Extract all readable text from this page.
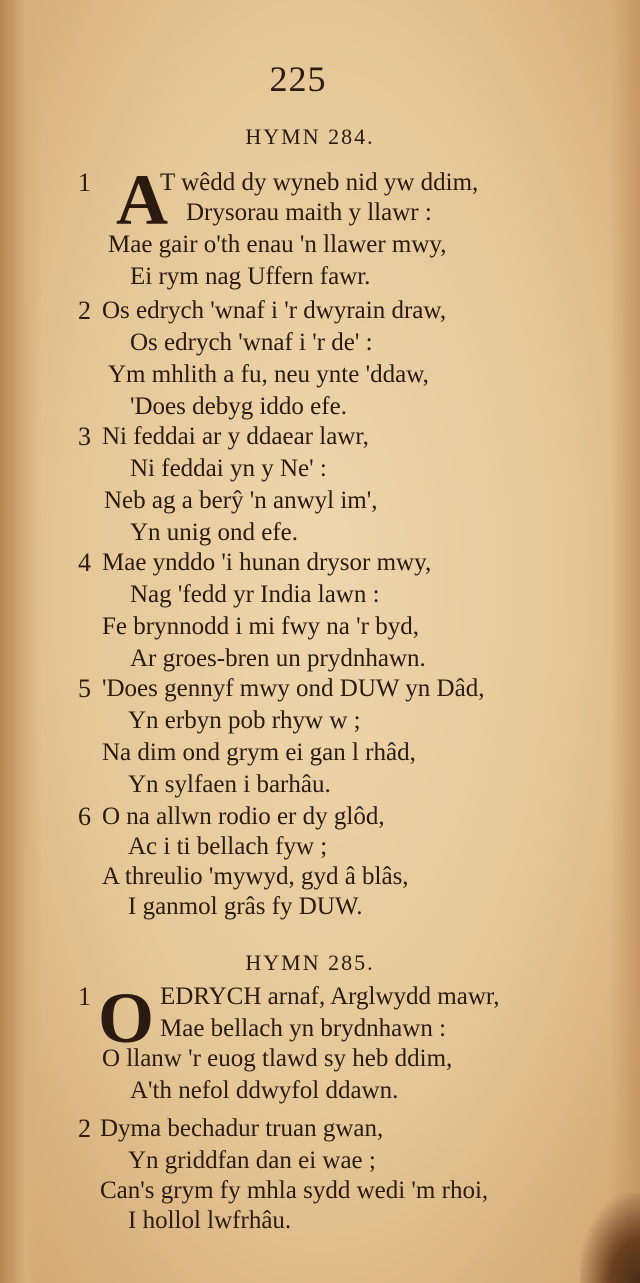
225
HYMN 284.
1 A
T wêdd dy wyneb nid yw ddim,
Drysorau maith y llawr :
Mae gair o'th enau 'n llawer mwy,
Ei rym nag Uffern fawr.
2 Os edrych 'wnaf i 'r dwyrain draw,
Os edrych 'wnaf i 'r de' :
Ym mhlith a fu, neu ynte 'ddaw,
'Does debyg iddo efe.
3 Ni feddai ar y ddaear lawr,
Ni feddai yn y Ne' :
Neb ag a berŷ 'n anwyl im',
Yn unig ond efe.
4 Mae ynddo 'i hunan drysor mwy,
Nag 'fedd yr India lawn :
Fe brynnodd i mi fwy na 'r byd,
Ar groes-bren un prydnhawn.
5 'Does gennyf mwy ond DUW yn Dâd,
Yn erbyn pob rhyw w ;
Na dim ond grym ei gan l rhâd,
Yn sylfaen i barhâu.
6 O na allwn rodio er dy glôd,
Ac i ti bellach fyw ;
A threulio 'mywyd, gyd â blâs,
I ganmol grâs fy DUW.
HYMN 285.
1 O EDRYCH arnaf, Arglwydd mawr,
Mae bellach yn brydnhawn :
O llanw 'r euog tlawd sy heb ddim,
A'th nefol ddwyfol ddawn.
2 Dyma bechadur truan gwan,
Yn griddfan dan ei wae ;
Can's grym fy mhla sydd wedi 'm rhoi,
I hollol lwfrhâu.
